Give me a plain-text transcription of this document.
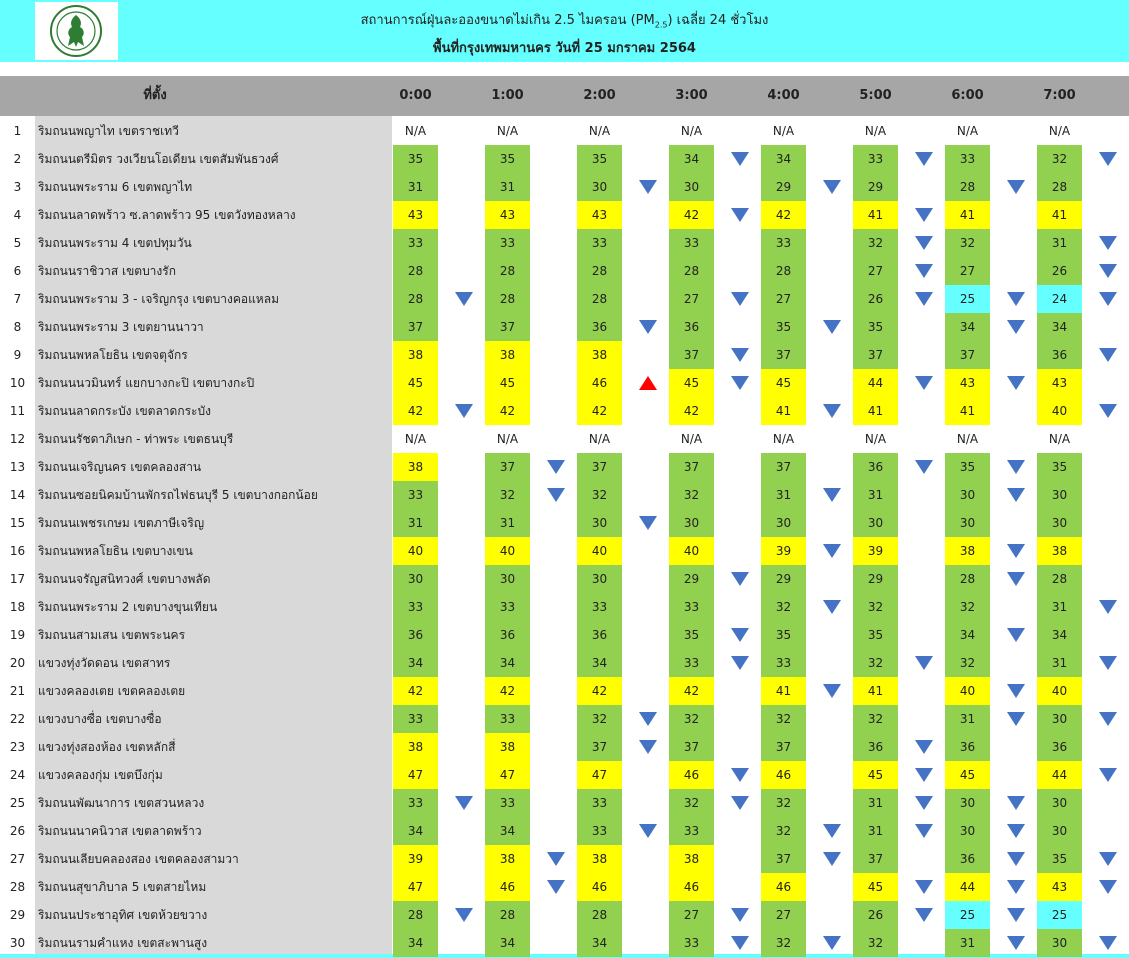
สถานการณ์ฝุ่นละอองขนาดไม่เกิน 2.5 ไมครอน $(PM_{2.5})$ เฉลี่ย 24 ชั่วโมง
พื้นที่กรุงเทพมหานคร วันที่ 25 มกราคม 2564
ที่ตั้ง	0:00	1:00	2:00	3:00	4:00	5:00	6:00	7:00
1	ริมถนนพญาไท เขตราชเทวี	N/A	N/A	N/A	N/A	N/A	N/A	N/A	N/A
2	ริมถนนตรีมิตร วงเวียนโอเดียน เขตสัมพันธวงศ์	35	35	35	34	34	33	33	32
3	ริมถนนพระราม 6 เขตพญาไท	31	31	30	30	29	29	28	28
4	ริมถนนลาดพร้าว ซ.ลาดพร้าว 95 เขตวังทองหลาง	43	43	43	42	42	41	41	41
5	ริมถนนพระราม 4 เขตปทุมวัน	33	33	33	33	33	32	32	31
6	ริมถนนราชิวาส เขตบางรัก	28	28	28	28	28	27	27	26
7	ริมถนนพระราม 3 - เจริญกรุง เขตบางคอแหลม	28	28	28	27	27	26	25	24
8	ริมถนนพระราม 3 เขตยานนาวา	37	37	36	36	35	35	34	34
9	ริมถนนพหลโยธิน เขตจตุจักร	38	38	38	37	37	37	37	36
10	ริมถนนนวมินทร์ แยกบางกะปิ เขตบางกะปิ	45	45	46	45	45	44	43	43
11	ริมถนนลาดกระบัง เขตลาดกระบัง	42	42	42	42	41	41	41	40
12	ริมถนนรัชดาภิเษก - ท่าพระ เขตธนบุรี	N/A	N/A	N/A	N/A	N/A	N/A	N/A	N/A
13	ริมถนนเจริญนคร เขตคลองสาน	38	37	37	37	37	36	35	35
14	ริมถนนซอยนิคมบ้านพักรถไฟธนบุรี 5 เขตบางกอกน้อย	33	32	32	32	31	31	30	30
15	ริมถนนเพชรเกษม เขตภาษีเจริญ	31	31	30	30	30	30	30	30
16	ริมถนนพหลโยธิน เขตบางเขน	40	40	40	40	39	39	38	38
17	ริมถนนจรัญสนิทวงศ์ เขตบางพลัด	30	30	30	29	29	29	28	28
18	ริมถนนพระราม 2 เขตบางขุนเทียน	33	33	33	33	32	32	32	31
19	ริมถนนสามเสน เขตพระนคร	36	36	36	35	35	35	34	34
20	แขวงทุ่งวัดดอน เขตสาทร	34	34	34	33	33	32	32	31
21	แขวงคลองเตย เขตคลองเตย	42	42	42	42	41	41	40	40
22	แขวงบางซื่อ เขตบางซื่อ	33	33	32	32	32	32	31	30
23	แขวงทุ่งสองห้อง เขตหลักสี่	38	38	37	37	37	36	36	36
24	แขวงคลองกุ่ม เขตบึงกุ่ม	47	47	47	46	46	45	45	44
25	ริมถนนพัฒนาการ เขตสวนหลวง	33	33	33	32	32	31	30	30
26	ริมถนนนาคนิวาส เขตลาดพร้าว	34	34	33	33	32	31	30	30
27	ริมถนนเลียบคลองสอง เขตคลองสามวา	39	38	38	38	37	37	36	35
28	ริมถนนสุขาภิบาล 5 เขตสายไหม	47	46	46	46	46	45	44	43
29	ริมถนนประชาอุทิศ เขตห้วยขวาง	28	28	28	27	27	26	25	25
30	ริมถนนรามคำแหง เขตสะพานสูง	34	34	34	33	32	32	31	30
